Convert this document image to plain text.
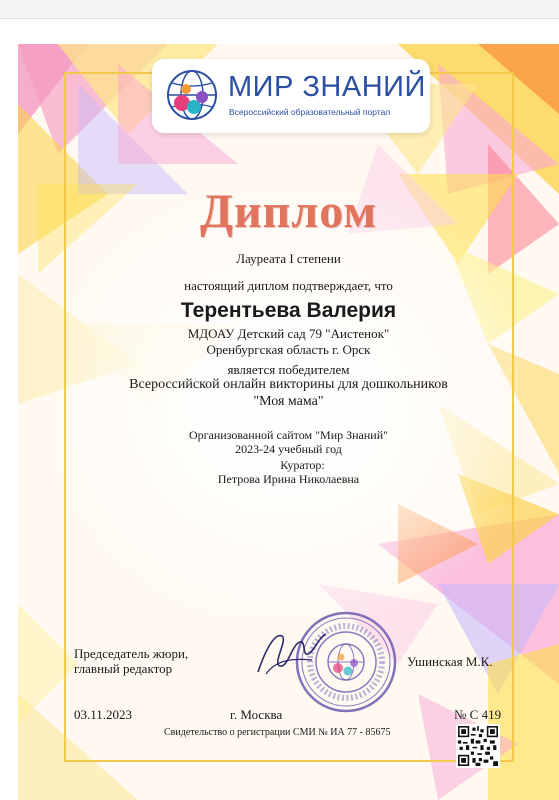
МИР ЗНАНИЙ
Всероссийский образовательный портал
Диплом
Лауреата I степени
настоящий диплом подтверждает, что
Терентьева Валерия
МДОАУ Детский сад 79 "Аистенок"
Оренбургская область г. Орск
является победителем
Всероссийской онлайн викторины для дошкольников
"Моя мама"
Организованной сайтом "Мир Знаний"
2023-24 учебный год
Куратор:
Петрова Ирина Николаевна
Председатель жюри,
главный редактор	Ушинская М.К.
03.11.2023	г. Москва	№ С 419
Свидетельство о регистрации СМИ № ИА 77 - 85675
